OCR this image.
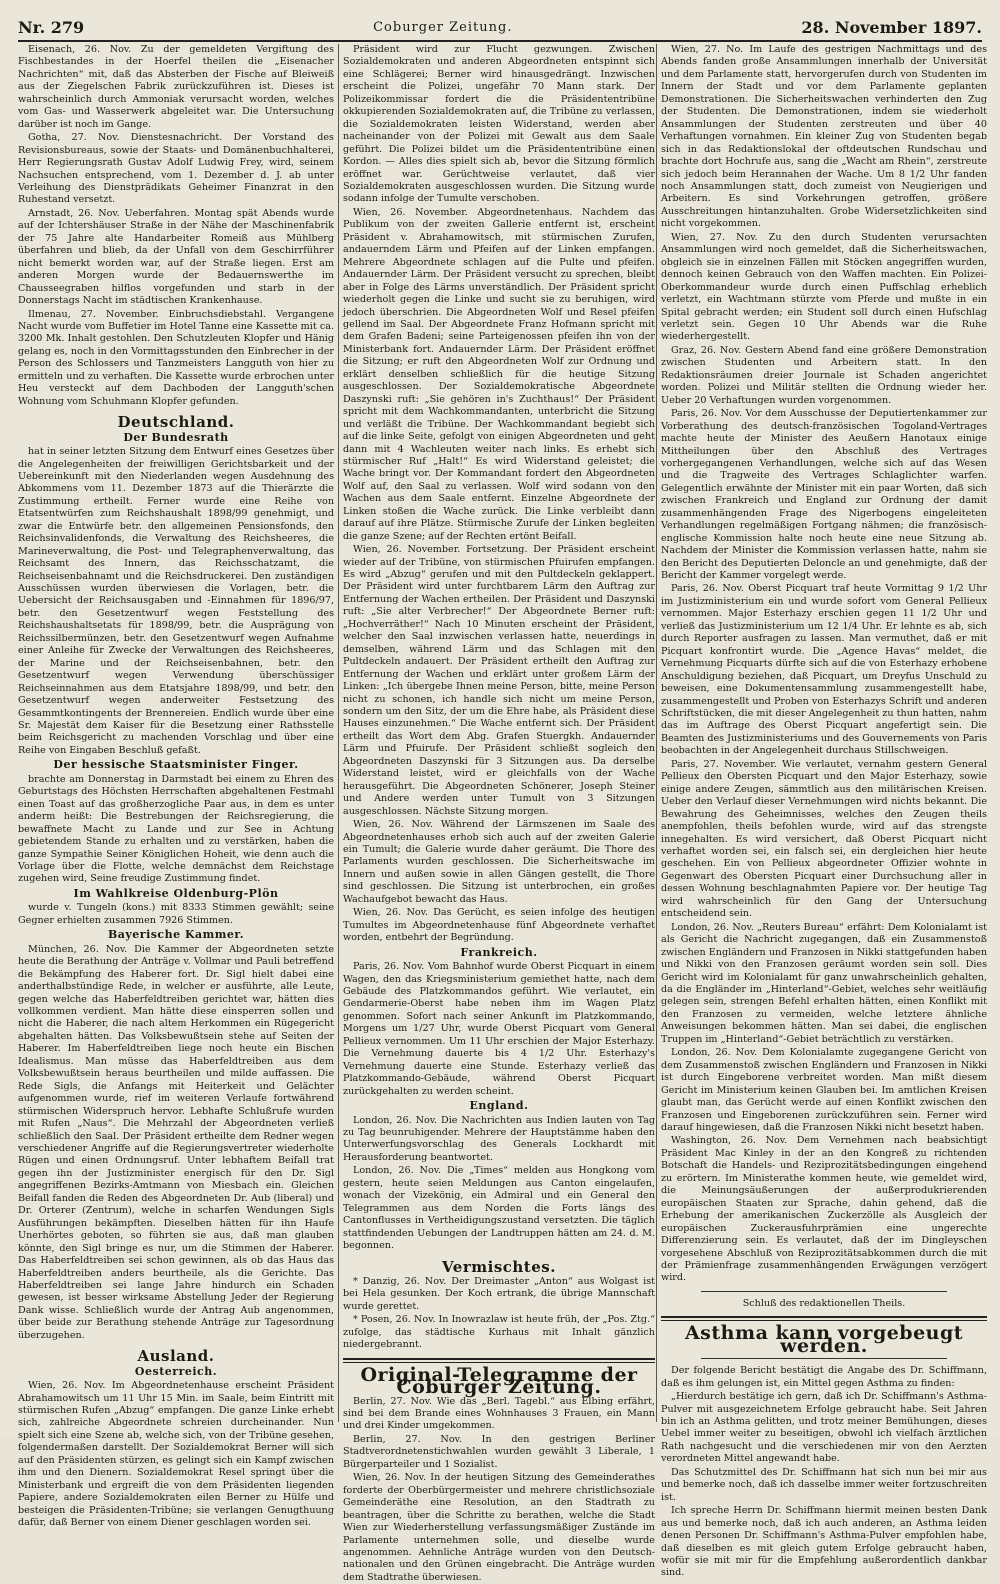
Nr. 279	Coburger Zeitung.	28. November 1897.

Eisenach, 26. Nov. Zu der gemeldeten Vergiftung des Fischbestandes in der Hoerfel theilen die „Eisenacher Nachrichten“ mit, daß das Absterben der Fische auf Bleiweiß aus der Ziegelschen Fabrik zurückzuführen ist. Dieses ist wahrscheinlich durch Ammoniak verursacht worden, welches vom Gas- und Wasserwerk abgeleitet war. Die Untersuchung darüber ist noch im Gange.

Gotha, 27. Nov. Dienstesnachricht. Der Vorstand des Revisionsbureaus, sowie der Staats- und Domänenbuchhalterei, Herr Regierungsrath Gustav Adolf Ludwig Frey, wird, seinem Nachsuchen entsprechend, vom 1. Dezember d. J. ab unter Verleihung des Dienstprädikats Geheimer Finanzrat in den Ruhestand versetzt.

Arnstadt, 26. Nov. Ueberfahren. Montag spät Abends wurde auf der Ichtershäuser Straße in der Nähe der Maschinenfabrik der 75 Jahre alte Handarbeiter Romeiß aus Mühlberg überfahren und blieb, da der Unfall von dem Geschirrführer nicht bemerkt worden war, auf der Straße liegen. Erst am anderen Morgen wurde der Bedauernswerthe im Chausseegraben hilflos vorgefunden und starb in der Donnerstags Nacht im städtischen Krankenhause.

Ilmenau, 27. November. Einbruchsdiebstahl. Vergangene Nacht wurde vom Buffetier im Hotel Tanne eine Kassette mit ca. 3200 Mk. Inhalt gestohlen. Den Schutzleuten Klopfer und Hänig gelang es, noch in den Vormittagsstunden den Einbrecher in der Person des Schlossers und Tanzmeisters Langguth von hier zu ermitteln und zu verhaften. Die Kassette wurde erbrochen unter Heu versteckt auf dem Dachboden der Langguth'schen Wohnung vom Schuhmann Klopfer gefunden.

Deutschland.
Der Bundesrath

hat in seiner letzten Sitzung dem Entwurf eines Gesetzes über die Angelegenheiten der freiwilligen Gerichtsbarkeit und der Uebereinkunft mit den Niederlanden wegen Ausdehnung des Abkommens vom 11. Dezember 1873 auf die Thierärzte die Zustimmung ertheilt. Ferner wurde eine Reihe von Etatsentwürfen zum Reichshaushalt 1898/99 genehmigt, und zwar die Entwürfe betr. den allgemeinen Pensionsfonds, den Reichsinvalidenfonds, die Verwaltung des Reichsheeres, die Marineverwaltung, die Post- und Telegraphenverwaltung, das Reichsamt des Innern, das Reichsschatzamt, die Reichseisenbahnamt und die Reichsdruckerei. Den zuständigen Ausschüssen wurden überwiesen die Vorlagen, betr. die Uebersicht der Reichsausgaben und -Einnahmen für 1896/97, betr. den Gesetzentwurf wegen Feststellung des Reichshaushaltsetats für 1898/99, betr. die Ausprägung von Reichssilbermünzen, betr. den Gesetzentwurf wegen Aufnahme einer Anleihe für Zwecke der Verwaltungen des Reichsheeres, der Marine und der Reichseisenbahnen, betr. den Gesetzentwurf wegen Verwendung überschüssiger Reichseinnahmen aus dem Etatsjahre 1898/99, und betr. den Gesetzentwurf wegen anderweiter Festsetzung des Gesammtkontingents der Brennereien. Endlich wurde über eine Sr. Majestät dem Kaiser für die Besetzung einer Rathsstelle beim Reichsgericht zu machenden Vorschlag und über eine Reihe von Eingaben Beschluß gefaßt.

Der hessische Staatsminister Finger.

brachte am Donnerstag in Darmstadt bei einem zu Ehren des Geburtstags des Höchsten Herrschaften abgehaltenen Festmahl einen Toast auf das großherzogliche Paar aus, in dem es unter anderm heißt: Die Bestrebungen der Reichsregierung, die bewaffnete Macht zu Lande und zur See in Achtung gebietendem Stande zu erhalten und zu verstärken, haben die ganze Sympathie Seiner Königlichen Hoheit, wie denn auch die Vorlage über die Flotte, welche demnächst dem Reichstage zugehen wird, Seine freudige Zustimmung findet.

Im Wahlkreise Oldenburg-Plön

wurde v. Tungeln (kons.) mit 8333 Stimmen gewählt; seine Gegner erhielten zusammen 7926 Stimmen.

Bayerische Kammer.

München, 26. Nov. Die Kammer der Abgeordneten setzte heute die Berathung der Anträge v. Vollmar und Pauli betreffend die Bekämpfung des Haberer fort. Dr. Sigl hielt dabei eine anderthalbstündige Rede, in welcher er ausführte, alle Leute, gegen welche das Haberfeldtreiben gerichtet war, hätten dies vollkommen verdient. Man hätte diese einsperren sollen und nicht die Haberer, die nach altem Herkommen ein Rügegericht abgehalten hätten. Das Volksbewußtsein stehe auf Seiten der Haberer. Im Haberfeldtreiben liege noch heute ein Bischen Idealismus. Man müsse das Haberfeldtreiben aus dem Volksbewußtsein heraus beurtheilen und milde auffassen. Die Rede Sigls, die Anfangs mit Heiterkeit und Gelächter aufgenommen wurde, rief im weiteren Verlaufe fortwährend stürmischen Widerspruch hervor. Lebhafte Schlußrufe wurden mit Rufen „Naus“. Die Mehrzahl der Abgeordneten verließ schließlich den Saal. Der Präsident ertheilte dem Redner wegen verschiedener Angriffe auf die Regierungsvertreter wiederholte Rügen und einen Ordnungsruf. Unter lebhaftem Beifall trat gegen ihn der Justizminister energisch für den Dr. Sigl angegriffenen Bezirks-Amtmann von Miesbach ein. Gleichen Beifall fanden die Reden des Abgeordneten Dr. Aub (liberal) und Dr. Orterer (Zentrum), welche in scharfen Wendungen Sigls Ausführungen bekämpften. Dieselben hätten für ihn Haufe Unerhörtes geboten, so führten sie aus, daß man glauben könnte, den Sigl bringe es nur, um die Stimmen der Haberer. Das Haberfeldtreiben sei schon gewinnen, als ob das Haus das Haberfeldtreiben anders beurtheile, als die Gerichte. Das Haberfeldtreiben sei lange Jahre hindurch ein Schaden gewesen, ist besser wirksame Abstellung Jeder der Regierung Dank wisse. Schließlich wurde der Antrag Aub angenommen, über beide zur Berathung stehende Anträge zur Tagesordnung überzugehen.

Ausland.
Oesterreich.

Wien, 26. Nov. Im Abgeordnetenhause erscheint Präsident Abrahamowitsch um 11 Uhr 15 Min. im Saale, beim Eintritt mit stürmischen Rufen „Abzug“ empfangen. Die ganze Linke erhebt sich, zahlreiche Abgeordnete schreien durcheinander. Nun spielt sich eine Szene ab, welche sich, von der Tribüne gesehen, folgendermaßen darstellt. Der Sozialdemokrat Berner will sich auf den Präsidenten stürzen, es gelingt sich ein Kampf zwischen ihm und den Dienern. Sozialdemokrat Resel springt über die Ministerbank und ergreift die von dem Präsidenten liegenden Papiere, andere Sozialdemokraten eilen Berner zu Hülfe und besteigen die Präsidenten-Tribüne; sie verlangen Genugthuung dafür, daß Berner von einem Diener geschlagen worden sei.

Präsident wird zur Flucht gezwungen. Zwischen Sozialdemokraten und anderen Abgeordneten entspinnt sich eine Schlägerei; Berner wird hinausgedrängt. Inzwischen erscheint die Polizei, ungefähr 70 Mann stark. Der Polizeikommissar fordert die die Präsidententribüne okkupierenden Sozialdemokraten auf, die Tribüne zu verlassen, die Sozialdemokraten leisten Widerstand, werden aber nacheinander von der Polizei mit Gewalt aus dem Saale geführt. Die Polizei bildet um die Präsidententribüne einen Kordon. — Alles dies spielt sich ab, bevor die Sitzung förmlich eröffnet war. Gerüchtweise verlautet, daß vier Sozialdemokraten ausgeschlossen wurden. Die Sitzung wurde sodann infolge der Tumulte verschoben.

Wien, 26. November. Abgeordnetenhaus. Nachdem das Publikum von der zweiten Gallerie entfernt ist, erscheint Präsident v. Abrahamowitsch, mit stürmischen Zurufen, andauerndem Lärm und Pfeifen auf der Linken empfangen. Mehrere Abgeordnete schlagen auf die Pulte und pfeifen. Andauernder Lärm. Der Präsident versucht zu sprechen, bleibt aber in Folge des Lärms unverständlich. Der Präsident spricht wiederholt gegen die Linke und sucht sie zu beruhigen, wird jedoch überschrien. Die Abgeordneten Wolf und Resel pfeifen gellend im Saal. Der Abgeordnete Franz Hofmann spricht mit dem Grafen Badeni; seine Parteigenossen pfeifen ihn von der Ministerbank fort. Andauernder Lärm. Der Präsident eröffnet die Sitzung; er ruft den Abgeordneten Wolf zur Ordnung und erklärt denselben schließlich für die heutige Sitzung ausgeschlossen. Der Sozialdemokratische Abgeordnete Daszynski ruft: „Sie gehören in's Zuchthaus!“ Der Präsident spricht mit dem Wachkommandanten, unterbricht die Sitzung und verläßt die Tribüne. Der Wachkommandant begiebt sich auf die linke Seite, gefolgt von einigen Abgeordneten und geht dann mit 4 Wachleuten weiter nach links. Es erhebt sich stürmischer Ruf „Halt!“ Es wird Widerstand geleistet; die Wache bringt vor. Der Kommandant fordert den Abgeordneten Wolf auf, den Saal zu verlassen. Wolf wird sodann von den Wachen aus dem Saale entfernt. Einzelne Abgeordnete der Linken stoßen die Wache zurück. Die Linke verbleibt dann darauf auf ihre Plätze. Stürmische Zurufe der Linken begleiten die ganze Szene; auf der Rechten ertönt Beifall.

Wien, 26. November. Fortsetzung. Der Präsident erscheint wieder auf der Tribüne, von stürmischen Pfuirufen empfangen. Es wird „Abzug“ gerufen und mit den Pultdeckeln geklappert. Der Präsident wird unter furchtbarem Lärm den Auftrag zur Entfernung der Wachen ertheilen. Der Präsident und Daszynski ruft: „Sie alter Verbrecher!“ Der Abgeordnete Berner ruft: „Hochverräther!“ Nach 10 Minuten erscheint der Präsident, welcher den Saal inzwischen verlassen hatte, neuerdings in demselben, während Lärm und das Schlagen mit den Pultdeckeln andauert. Der Präsident ertheilt den Auftrag zur Entfernung der Wachen und erklärt unter großem Lärm der Linken: „Ich übergebe Ihnen meine Person, bitte, meine Person nicht zu schonen, ich handle sich nicht um meine Person, sondern um den Sitz, der um die Ehre habe, als Präsident diese Hauses einzunehmen.“ Die Wache entfernt sich. Der Präsident ertheilt das Wort dem Abg. Grafen Stuergkh. Andauernder Lärm und Pfuirufe. Der Präsident schließt sogleich den Abgeordneten Daszynski für 3 Sitzungen aus. Da derselbe Widerstand leistet, wird er gleichfalls von der Wache herausgeführt. Die Abgeordneten Schönerer, Joseph Steiner und Andere werden unter Tumult von 3 Sitzungen ausgeschlossen. Nächste Sitzung morgen.

Wien, 26. Nov. Während der Lärmszenen im Saale des Abgeordnetenhauses erhob sich auch auf der zweiten Galerie ein Tumult; die Galerie wurde daher geräumt. Die Thore des Parlaments wurden geschlossen. Die Sicherheitswache im Innern und außen sowie in allen Gängen gestellt, die Thore sind geschlossen. Die Sitzung ist unterbrochen, ein großes Wachaufgebot bewacht das Haus.

Wien, 26. Nov. Das Gerücht, es seien infolge des heutigen Tumultes im Abgeordnetenhause fünf Abgeordnete verhaftet worden, entbehrt der Begründung.

Frankreich.

Paris, 26. Nov. Vom Bahnhof wurde Oberst Picquart in einem Wagen, den das Kriegsministerium gemiethet hatte, nach dem Gebäude des Platzkommandos geführt. Wie verlautet, ein Gendarmerie-Oberst habe neben ihm im Wagen Platz genommen. Sofort nach seiner Ankunft im Platzkommando, Morgens um 1/27 Uhr, wurde Oberst Picquart vom General Pellieux vernommen. Um 11 Uhr erschien der Major Esterhazy. Die Vernehmung dauerte bis 4 1/2 Uhr. Esterhazy's Vernehmung dauerte eine Stunde. Esterhazy verließ das Platzkommando-Gebäude, während Oberst Picquart zurückgehalten zu werden scheint.

England.

London, 26. Nov. Die Nachrichten aus Indien lauten von Tag zu Tag beunruhigender. Mehrere der Hauptstämme haben den Unterwerfungsvorschlag des Generals Lockhardt mit Herausforderung beantwortet.

London, 26. Nov. Die „Times“ melden aus Hongkong vom gestern, heute seien Meldungen aus Canton eingelaufen, wonach der Vizekönig, ein Admiral und ein General den Telegrammen aus dem Norden die Forts längs des Cantonflusses in Vertheidigungszustand versetzten. Die täglich stattfindenden Uebungen der Landtruppen hätten am 24. d. M. begonnen.

Vermischtes.

* Danzig, 26. Nov. Der Dreimaster „Anton“ aus Wolgast ist bei Hela gesunken. Der Koch ertrank, die übrige Mannschaft wurde gerettet.

* Posen, 26. Nov. In Inowrazlaw ist heute früh, der „Pos. Ztg.“ zufolge, das städtische Kurhaus mit Inhalt gänzlich niedergebrannt.

Original-Telegramme der Coburger Zeitung.

Berlin, 27. Nov. Wie das „Berl. Tagebl.“ aus Elbing erfährt, sind bei dem Brande eines Wohnhauses 3 Frauen, ein Mann und drei Kinder umgekommen.

Berlin, 27. Nov. In den gestrigen Berliner Stadtverordnetenstichwahlen wurden gewählt 3 Liberale, 1 Bürgerparteiler und 1 Sozialist.

Wien, 26. Nov. In der heutigen Sitzung des Gemeinderathes forderte der Oberbürgermeister und mehrere christlichsoziale Gemeinderäthe eine Resolution, an den Stadtrath zu beantragen, über die Schritte zu berathen, welche die Stadt Wien zur Wiederherstellung verfassungsmäßiger Zustände im Parlamente unternehmen solle, und dieselbe wurde angenommen. Aehnliche Anträge wurden von den Deutsch-nationalen und den Grünen eingebracht. Die Anträge wurden dem Stadtrathe überwiesen.

Wien, 27. No. Im Laufe des gestrigen Nachmittags und des Abends fanden große Ansammlungen innerhalb der Universität und dem Parlamente statt, hervorgerufen durch von Studenten im Innern der Stadt und vor dem Parlamente geplanten Demonstrationen. Die Sicherheitswachen verhinderten den Zug der Studenten. Die Demonstrationen, indem sie wiederholt Ansammlungen der Studenten zerstreuten und über 40 Verhaftungen vornahmen. Ein kleiner Zug von Studenten begab sich in das Redaktionslokal der oftdeutschen Rundschau und brachte dort Hochrufe aus, sang die „Wacht am Rhein“, zerstreute sich jedoch beim Herannahen der Wache. Um 8 1/2 Uhr fanden noch Ansammlungen statt, doch zumeist von Neugierigen und Arbeitern. Es sind Vorkehrungen getroffen, größere Ausschreitungen hintanzuhalten. Grobe Widersetzlichkeiten sind nicht vorgekommen.

Wien, 27. Nov. Zu den durch Studenten verursachten Ansammlungen wird noch gemeldet, daß die Sicherheitswachen, obgleich sie in einzelnen Fällen mit Stöcken angegriffen wurden, dennoch keinen Gebrauch von den Waffen machten. Ein Polizei-Oberkommandeur wurde durch einen Puffschlag erheblich verletzt, ein Wachtmann stürzte vom Pferde und mußte in ein Spital gebracht werden; ein Student soll durch einen Hufschlag verletzt sein. Gegen 10 Uhr Abends war die Ruhe wiederhergestellt.

Graz, 26. Nov. Gestern Abend fand eine größere Demonstration zwischen Studenten und Arbeitern statt. In den Redaktionsräumen dreier Journale ist Schaden angerichtet worden. Polizei und Militär stellten die Ordnung wieder her. Ueber 20 Verhaftungen wurden vorgenommen.

Paris, 26. Nov. Vor dem Ausschusse der Deputiertenkammer zur Vorberathung des deutsch-französischen Togoland-Vertrages machte heute der Minister des Aeußern Hanotaux einige Mittheilungen über den Abschluß des Vertrages vorhergegangenen Verhandlungen, welche sich auf das Wesen und die Tragweite des Vertrages Schlaglichter warfen. Gelegentlich erwähnte der Minister mit ein paar Worten, daß sich zwischen Frankreich und England zur Ordnung der damit zusammenhängenden Frage des Nigerbogens eingeleiteten Verhandlungen regelmäßigen Fortgang nähmen; die französisch-englische Kommission halte noch heute eine neue Sitzung ab. Nachdem der Minister die Kommission verlassen hatte, nahm sie den Bericht des Deputierten Deloncle an und genehmigte, daß der Bericht der Kammer vorgelegt werde.

Paris, 26. Nov. Oberst Picquart traf heute Vormittag 9 1/2 Uhr im Justizministerium ein und wurde sofort vom General Pellieux vernommen. Major Esterhazy erschien gegen 11 1/2 Uhr und verließ das Justizministerium um 12 1/4 Uhr. Er lehnte es ab, sich durch Reporter ausfragen zu lassen. Man vermuthet, daß er mit Picquart konfrontirt wurde. Die „Agence Havas“ meldet, die Vernehmung Picquarts dürfte sich auf die von Esterhazy erhobene Anschuldigung beziehen, daß Picquart, um Dreyfus Unschuld zu beweisen, eine Dokumentensammlung zusammengestellt habe, zusammengestellt und Proben von Esterhazys Schrift und anderen Schriftstücken, die mit dieser Angelegenheit zu thun hatten, nahm das im Auftrage des Oberst Picquart angefertigt sein. Die Beamten des Justizministeriums und des Gouvernements von Paris beobachten in der Angelegenheit durchaus Stillschweigen.

Paris, 27. November. Wie verlautet, vernahm gestern General Pellieux den Obersten Picquart und den Major Esterhazy, sowie einige andere Zeugen, sämmtlich aus den militärischen Kreisen. Ueber den Verlauf dieser Vernehmungen wird nichts bekannt. Die Bewahrung des Geheimnisses, welches den Zeugen theils anempfohlen, theils befohlen wurde, wird auf das strengste innegehalten. Es wird versichert, daß Oberst Picquart nicht verhaftet worden sei, ein falsch sei, ein dergleichen hier heute geschehen. Ein von Pellieux abgeordneter Offizier wohnte in Gegenwart des Obersten Picquart einer Durchsuchung aller in dessen Wohnung beschlagnahmten Papiere vor. Der heutige Tag wird wahrscheinlich für den Gang der Untersuchung entscheidend sein.

London, 26. Nov. „Reuters Bureau“ erfährt: Dem Kolonialamt ist als Gericht die Nachricht zugegangen, daß ein Zusammenstoß zwischen Engländern und Franzosen in Nikki stattgefunden haben und Nikki von den Franzosen geräumt worden sein soll. Dies Gericht wird im Kolonialamt für ganz unwahrscheinlich gehalten, da die Engländer im „Hinterland“-Gebiet, welches sehr weitläufig gelegen sein, strengen Befehl erhalten hätten, einen Konflikt mit den Franzosen zu vermeiden, welche letztere ähnliche Anweisungen bekommen hätten. Man sei dabei, die englischen Truppen im „Hinterland“-Gebiet beträchtlich zu verstärken.

London, 26. Nov. Dem Kolonialamte zugegangene Gericht von dem Zusammenstoß zwischen Engländern und Franzosen in Nikki ist durch Eingeborene verbreitet worden. Man mißt diesem Gericht im Ministerium keinen Glauben bei. Im amtlichen Kreisen glaubt man, das Gerücht werde auf einen Konflikt zwischen den Franzosen und Eingeborenen zurückzuführen sein. Ferner wird darauf hingewiesen, daß die Franzosen Nikki nicht besetzt haben.

Washington, 26. Nov. Dem Vernehmen nach beabsichtigt Präsident Mac Kinley in der an den Kongreß zu richtenden Botschaft die Handels- und Reziprozitätsbedingungen eingehend zu erörtern. Im Ministerathe kommen heute, wie gemeldet wird, die Meinungsäußerungen der außerprodukrierenden europäischen Staaten zur Sprache, dahin gehend, daß die Erhebung der amerikanischen Zuckerzölle als Ausgleich der europäischen Zuckerausfuhrprämien eine ungerechte Differenzierung sein. Es verlautet, daß der im Dingleyschen vorgesehene Abschluß von Reziprozitätsabkommen durch die mit der Prämienfrage zusammenhängenden Erwägungen verzögert wird.

Schluß des redaktionellen Theils.
Asthma kann vorgebeugt werden.

Der folgende Bericht bestätigt die Angabe des Dr. Schiffmann, daß es ihm gelungen ist, ein Mittel gegen Asthma zu finden:

„Hierdurch bestätige ich gern, daß ich Dr. Schiffmann's Asthma-Pulver mit ausgezeichnetem Erfolge gebraucht habe. Seit Jahren bin ich an Asthma gelitten, und trotz meiner Bemühungen, dieses Uebel immer weiter zu beseitigen, obwohl ich vielfach ärztlichen Rath nachgesucht und die verschiedenen mir von den Aerzten verordneten Mittel angewandt habe.

Das Schutzmittel des Dr. Schiffmann hat sich nun bei mir aus und bemerke noch, daß ich dasselbe immer weiter fortzuschreiten ist.

Ich spreche Herrn Dr. Schiffmann hiermit meinen besten Dank aus und bemerke noch, daß ich auch anderen, an Asthma leiden denen Personen Dr. Schiffmann's Asthma-Pulver empfohlen habe, daß dieselben es mit gleich gutem Erfolge gebraucht haben, wofür sie mit mir für die Empfehlung außerordentlich dankbar sind.
